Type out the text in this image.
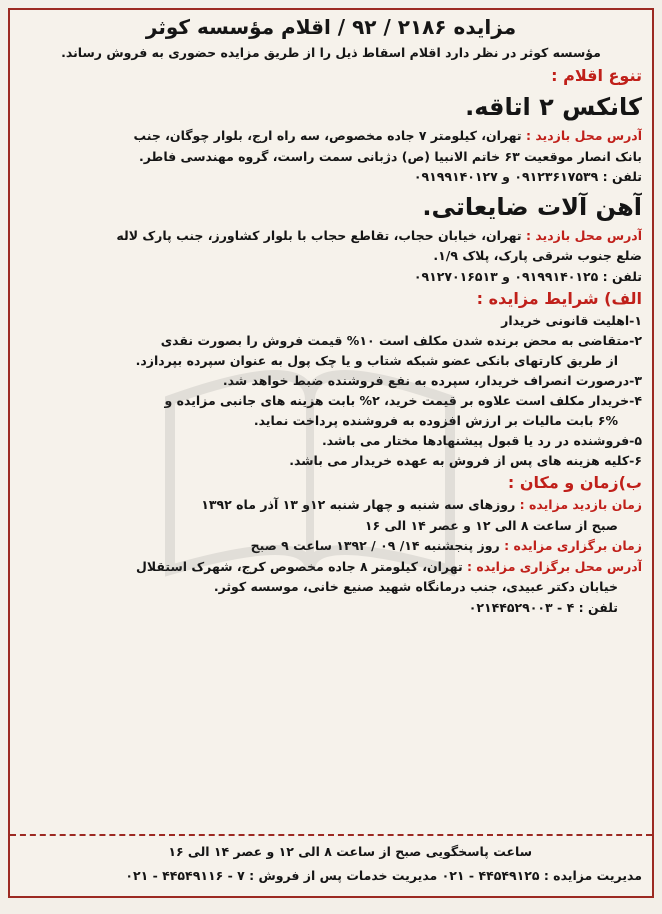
مزایده ۲۱۸۶ / ۹۲ / اقلام مؤسسه کوثر
مؤسسه کوثر در نظر دارد اقلام اسقاط ذیل را از طریق مزایده حضوری به فروش رساند.
تنوع اقلام :
کانکس ۲ اتاقه.
آدرس محل بازدید : تهران، کیلومتر ۷ جاده مخصوص، سه راه ارج، بلوار چوگان، جنب
بانک انصار موقعیت ۶۳ خاتم الانبیا (ص) دژبانی سمت راست، گروه مهندسی فاطر.
تلفن : ۰۹۱۲۳۶۱۷۵۳۹ و ۰۹۱۹۹۱۴۰۱۲۷
آهن آلات ضایعاتی.
آدرس محل بازدید : تهران، خیابان حجاب، تقاطع حجاب با بلوار کشاورز، جنب پارک لاله
ضلع جنوب شرقی پارک، پلاک ۱/۹.
تلفن : ۰۹۱۹۹۱۴۰۱۲۵ و ۰۹۱۲۷۰۱۶۵۱۳
الف) شرایط مزایده :
۱-اهلیت قانونی خریدار
۲-متقاضی به محض برنده شدن مکلف است ۱۰% قیمت فروش را بصورت نقدی
از طریق کارتهای بانکی عضو شبکه شتاب و یا چک پول به عنوان سپرده بپردازد.
۳-درصورت انصراف خریدار، سپرده به نفع فروشنده ضبط خواهد شد.
۴-خریدار مکلف است علاوه بر قیمت خرید، ۲% بابت هزینه های جانبی مزایده و
۶% بابت مالیات بر ارزش افزوده به فروشنده پرداخت نماید.
۵-فروشنده در رد یا قبول پیشنهادها مختار می باشد.
۶-کلیه هزینه های پس از فروش به عهده خریدار می باشد.
ب)زمان و مکان :
زمان بازدید مزایده : روزهای سه شنبه و چهار شنبه ۱۲و ۱۳ آذر ماه ۱۳۹۲
صبح از ساعت ۸ الی ۱۲ و عصر ۱۴ الی ۱۶
زمان برگزاری مزایده : روز پنجشنبه ۱۴/ ۰۹ / ۱۳۹۲ ساعت ۹ صبح
آدرس محل برگزاری مزایده : تهران، کیلومتر ۸ جاده مخصوص کرج، شهرک استقلال
خیابان دکتر عبیدی، جنب درمانگاه شهید صنیع خانی، موسسه کوثر.
تلفن : ۴ - ۰۲۱۴۴۵۲۹۰۰۳
ساعت پاسخگویی صبح از ساعت ۸ الی ۱۲ و عصر ۱۴ الی ۱۶
مدیریت مزایده : ۴۴۵۴۹۱۲۵ - ۰۲۱ مدیریت خدمات پس از فروش : ۷ - ۴۴۵۴۹۱۱۶ - ۰۲۱
